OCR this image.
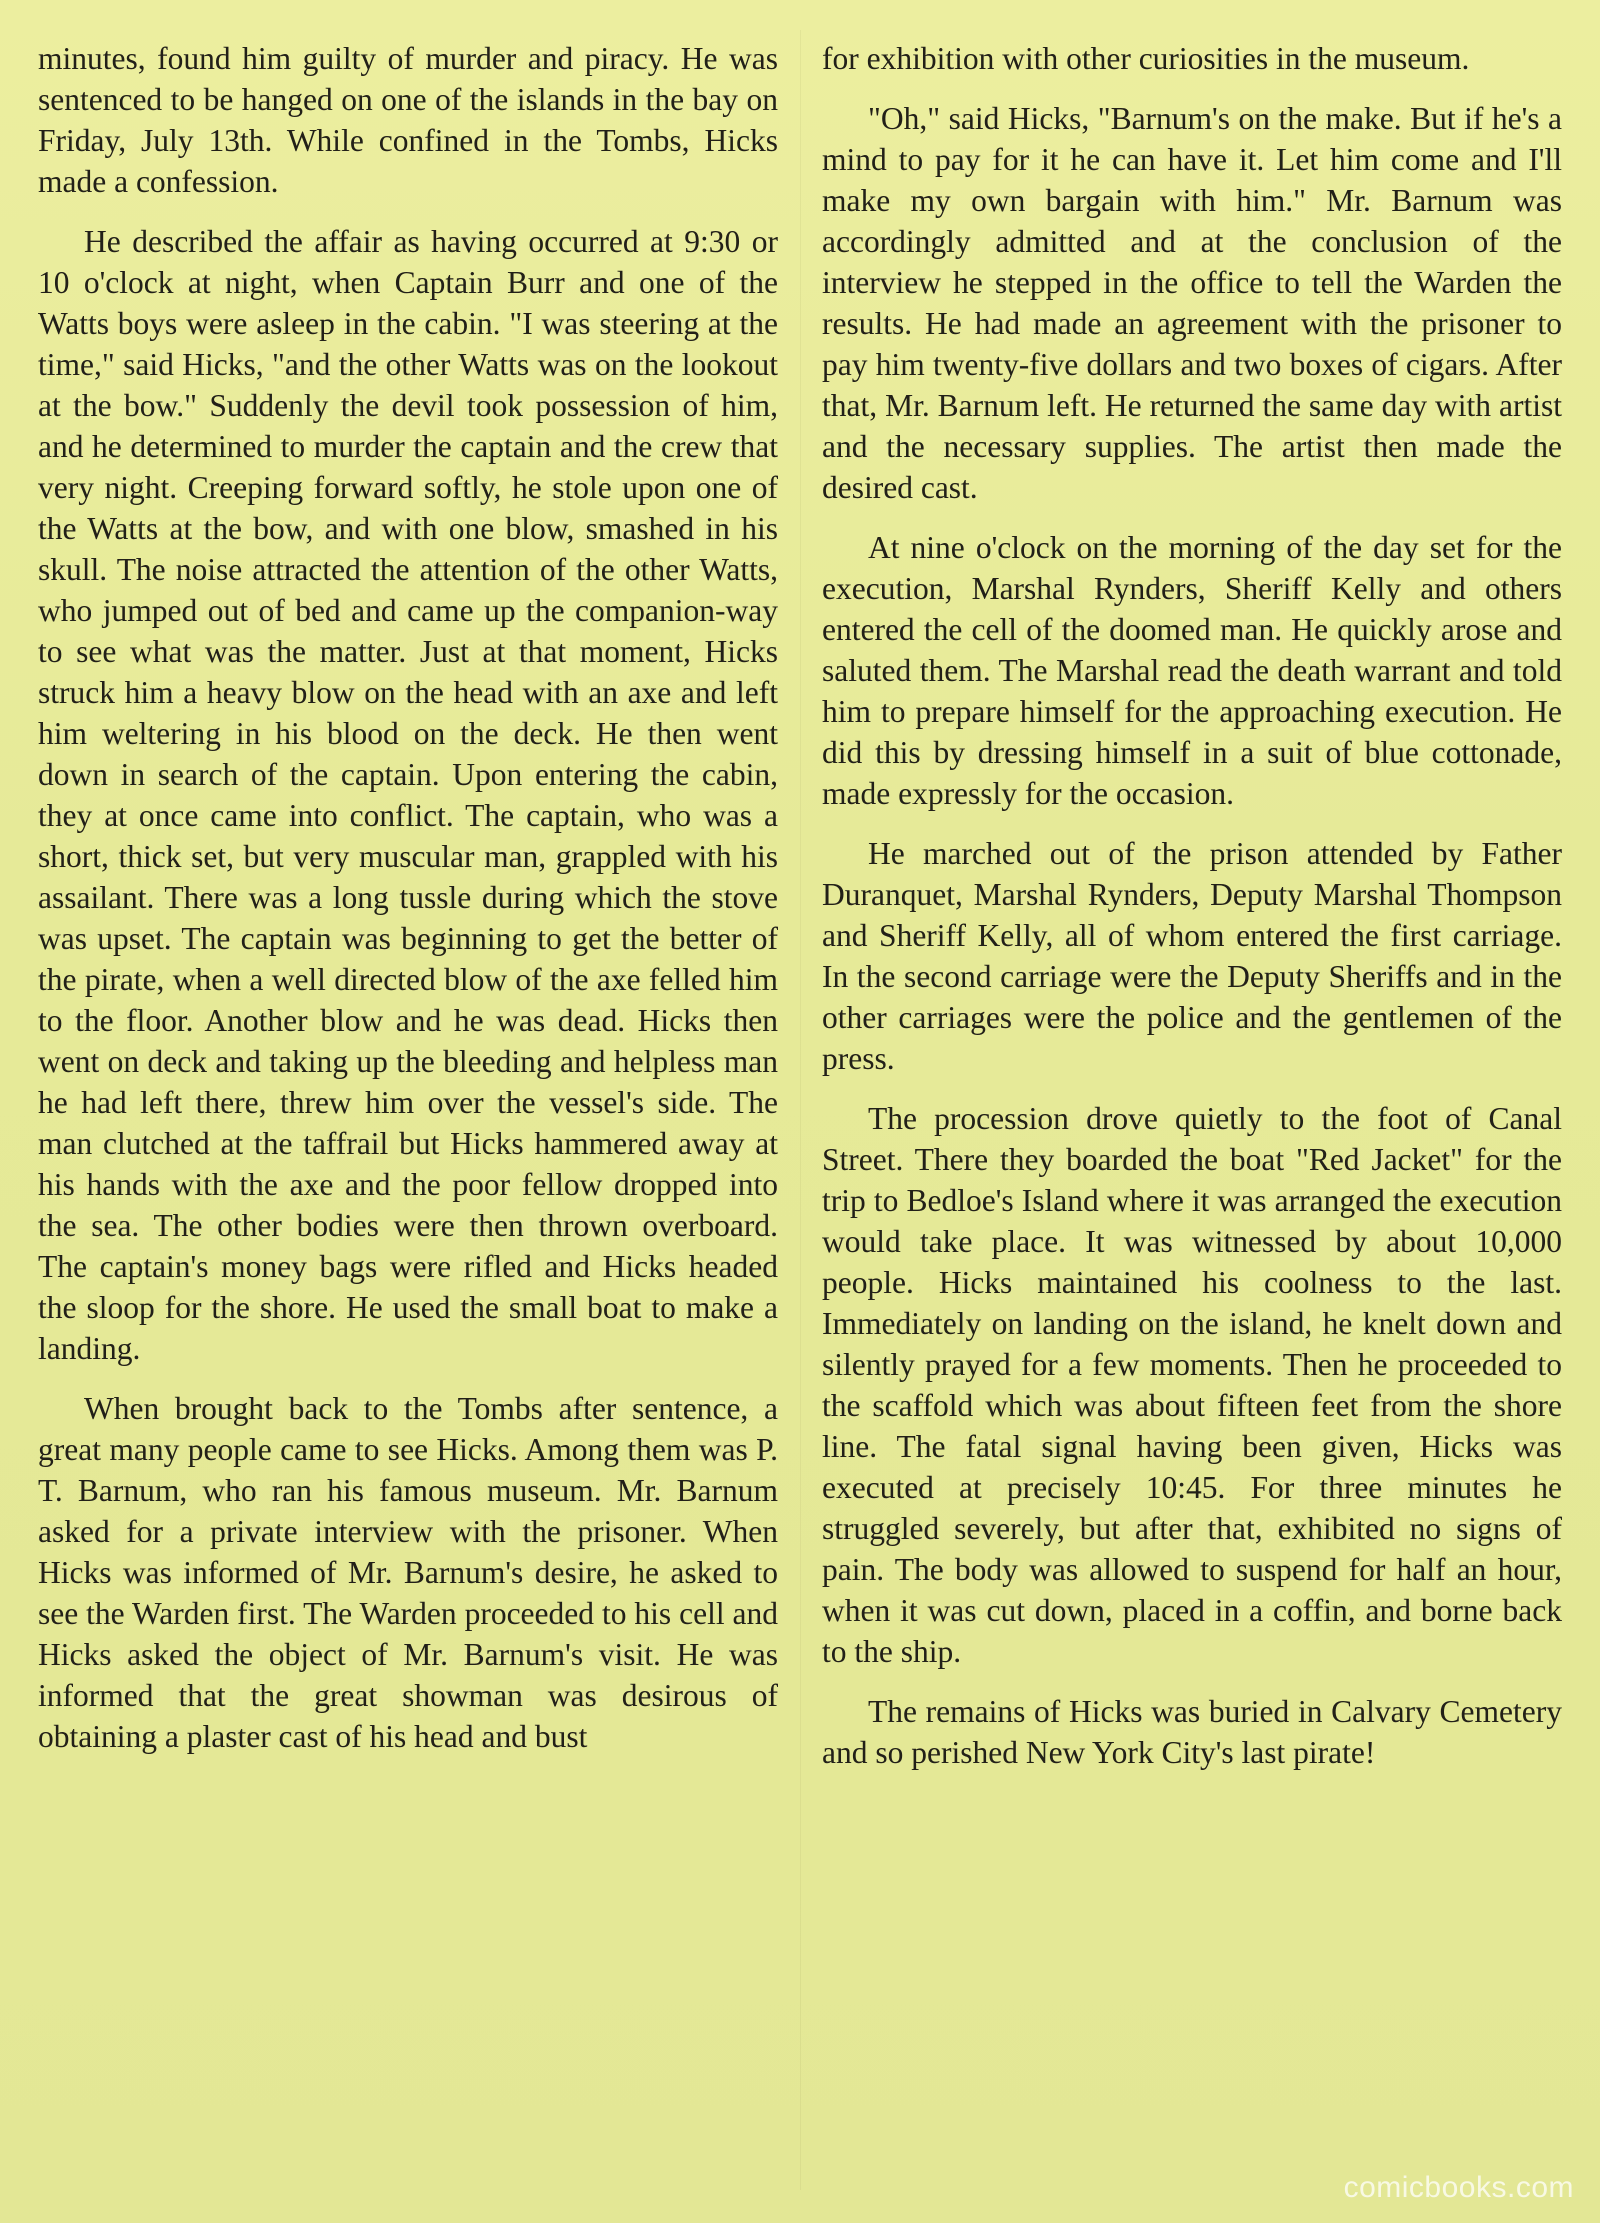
minutes, found him guilty of murder and piracy. He was sentenced to be hanged on one of the islands in the bay on Friday, July 13th. While confined in the Tombs, Hicks made a confession.

He described the affair as having occurred at 9:30 or 10 o'clock at night, when Captain Burr and one of the Watts boys were asleep in the cabin. "I was steering at the time," said Hicks, "and the other Watts was on the lookout at the bow." Suddenly the devil took possession of him, and he determined to murder the captain and the crew that very night. Creeping forward softly, he stole upon one of the Watts at the bow, and with one blow, smashed in his skull. The noise attracted the attention of the other Watts, who jumped out of bed and came up the companion-way to see what was the matter. Just at that moment, Hicks struck him a heavy blow on the head with an axe and left him weltering in his blood on the deck. He then went down in search of the captain. Upon entering the cabin, they at once came into conflict. The captain, who was a short, thick set, but very muscular man, grappled with his assailant. There was a long tussle during which the stove was upset. The captain was beginning to get the better of the pirate, when a well directed blow of the axe felled him to the floor. Another blow and he was dead. Hicks then went on deck and taking up the bleeding and helpless man he had left there, threw him over the vessel's side. The man clutched at the taffrail but Hicks hammered away at his hands with the axe and the poor fellow dropped into the sea. The other bodies were then thrown overboard. The captain's money bags were rifled and Hicks headed the sloop for the shore. He used the small boat to make a landing.

When brought back to the Tombs after sentence, a great many people came to see Hicks. Among them was P. T. Barnum, who ran his famous museum. Mr. Barnum asked for a private interview with the prisoner. When Hicks was informed of Mr. Barnum's desire, he asked to see the Warden first. The Warden proceeded to his cell and Hicks asked the object of Mr. Barnum's visit. He was informed that the great showman was desirous of obtaining a plaster cast of his head and bust

for exhibition with other curiosities in the museum.

"Oh," said Hicks, "Barnum's on the make. But if he's a mind to pay for it he can have it. Let him come and I'll make my own bargain with him." Mr. Barnum was accordingly admitted and at the conclusion of the interview he stepped in the office to tell the Warden the results. He had made an agreement with the prisoner to pay him twenty-five dollars and two boxes of cigars. After that, Mr. Barnum left. He returned the same day with artist and the necessary supplies. The artist then made the desired cast.

At nine o'clock on the morning of the day set for the execution, Marshal Rynders, Sheriff Kelly and others entered the cell of the doomed man. He quickly arose and saluted them. The Marshal read the death warrant and told him to prepare himself for the approaching execution. He did this by dressing himself in a suit of blue cottonade, made expressly for the occasion.

He marched out of the prison attended by Father Duranquet, Marshal Rynders, Deputy Marshal Thompson and Sheriff Kelly, all of whom entered the first carriage. In the second carriage were the Deputy Sheriffs and in the other carriages were the police and the gentlemen of the press.

The procession drove quietly to the foot of Canal Street. There they boarded the boat "Red Jacket" for the trip to Bedloe's Island where it was arranged the execution would take place. It was witnessed by about 10,000 people. Hicks maintained his coolness to the last. Immediately on landing on the island, he knelt down and silently prayed for a few moments. Then he proceeded to the scaffold which was about fifteen feet from the shore line. The fatal signal having been given, Hicks was executed at precisely 10:45. For three minutes he struggled severely, but after that, exhibited no signs of pain. The body was allowed to suspend for half an hour, when it was cut down, placed in a coffin, and borne back to the ship.

The remains of Hicks was buried in Calvary Cemetery and so perished New York City's last pirate!

comicbooks.com
